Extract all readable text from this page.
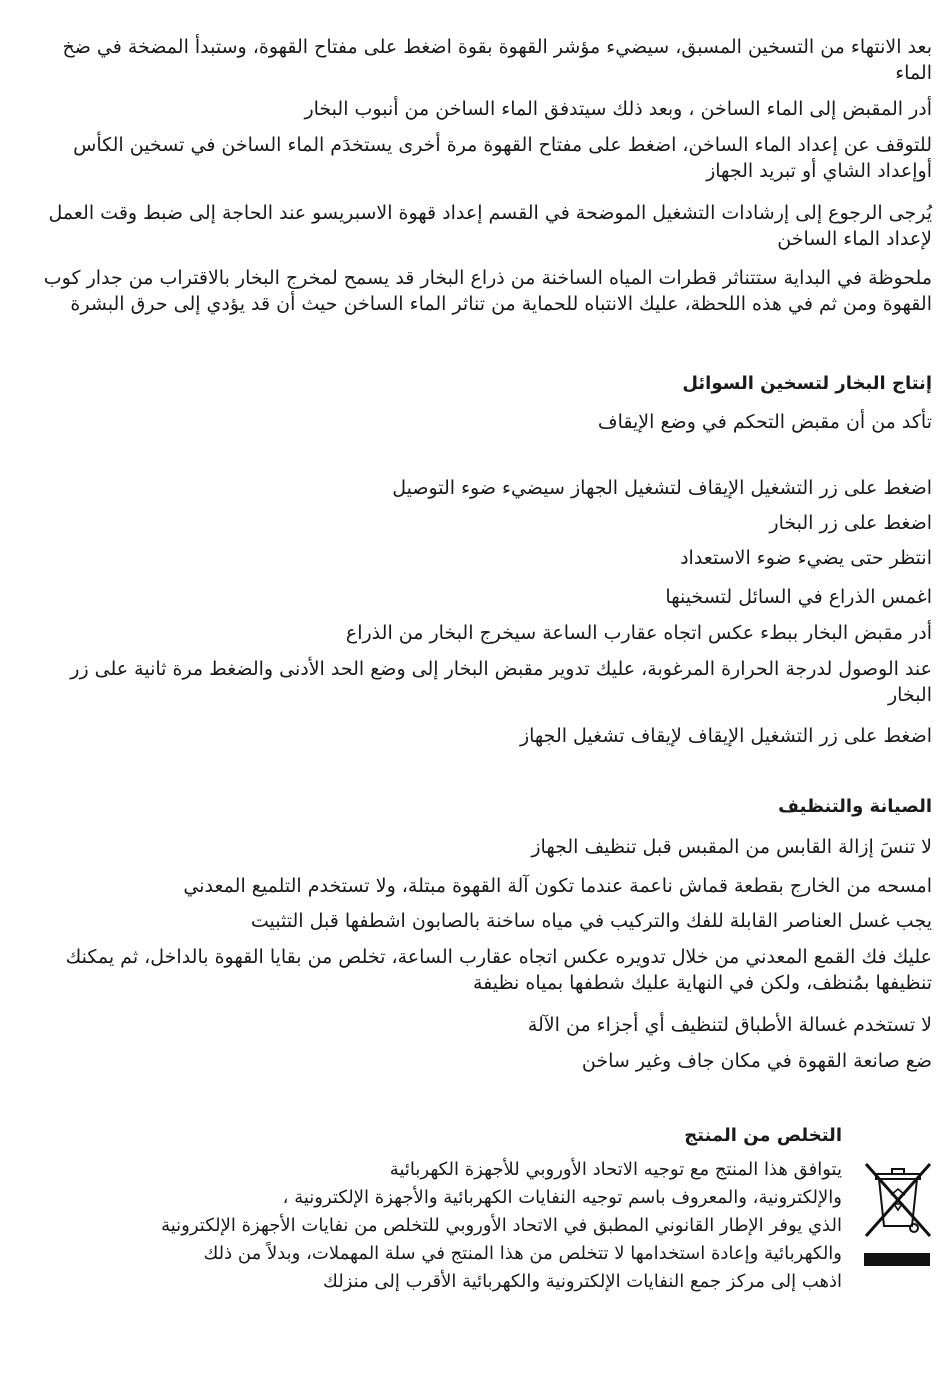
بعد الانتهاء من التسخين المسبق، سيضيء مؤشر القهوة بقوة اضغط على مفتاح القهوة، وستبدأ المضخة في ضخ الماء

أدر المقبض إلى الماء الساخن ، وبعد ذلك سيتدفق الماء الساخن من أنبوب البخار

للتوقف عن إعداد الماء الساخن، اضغط على مفتاح القهوة مرة أخرى يستخدَم الماء الساخن في تسخين الكأس أوإعداد الشاي أو تبريد الجهاز

يُرجى الرجوع إلى إرشادات التشغيل الموضحة في القسم إعداد قهوة الاسبريسو عند الحاجة إلى ضبط وقت العمل لإعداد الماء الساخن

ملحوظة في البداية ستتناثر قطرات المياه الساخنة من ذراع البخار قد يسمح لمخرج البخار بالاقتراب من جدار كوب القهوة ومن ثم في هذه اللحظة، عليك الانتباه للحماية من تناثر الماء الساخن حيث أن قد يؤدي إلى حرق البشرة

إنتاج البخار لتسخين السوائل

تأكد من أن مقبض التحكم في وضع الإيقاف

اضغط على زر التشغيل الإيقاف لتشغيل الجهاز سيضيء ضوء التوصيل

اضغط على زر البخار

انتظر حتى يضيء ضوء الاستعداد

اغمس الذراع في السائل لتسخينها

أدر مقبض البخار ببطء عكس اتجاه عقارب الساعة سيخرج البخار من الذراع

عند الوصول لدرجة الحرارة المرغوبة، عليك تدوير مقبض البخار إلى وضع الحد الأدنى والضغط مرة ثانية على زر البخار

اضغط على زر التشغيل الإيقاف لإيقاف تشغيل الجهاز

الصيانة والتنظيف

لا تنسَ إزالة القابس من المقبس قبل تنظيف الجهاز

امسحه من الخارج بقطعة قماش ناعمة عندما تكون آلة القهوة مبتلة، ولا تستخدم التلميع المعدني

يجب غسل العناصر القابلة للفك والتركيب في مياه ساخنة بالصابون اشطفها قبل التثبيت

عليك فك القمع المعدني من خلال تدويره عكس اتجاه عقارب الساعة، تخلص من بقايا القهوة بالداخل، ثم يمكنك تنظيفها بمُنظف، ولكن في النهاية عليك شطفها بمياه نظيفة

لا تستخدم غسالة الأطباق لتنظيف أي أجزاء من الآلة

ضع صانعة القهوة في مكان جاف وغير ساخن

التخلص من المنتج

يتوافق هذا المنتج مع توجيه الاتحاد الأوروبي للأجهزة الكهربائية

والإلكترونية، والمعروف باسم توجيه النفايات الكهربائية والأجهزة الإلكترونية ،

الذي يوفر الإطار القانوني المطبق في الاتحاد الأوروبي للتخلص من نفايات الأجهزة الإلكترونية

والكهربائية وإعادة استخدامها لا تتخلص من هذا المنتج في سلة المهملات، وبدلاً من ذلك

اذهب إلى مركز جمع النفايات الإلكترونية والكهربائية الأقرب إلى منزلك
